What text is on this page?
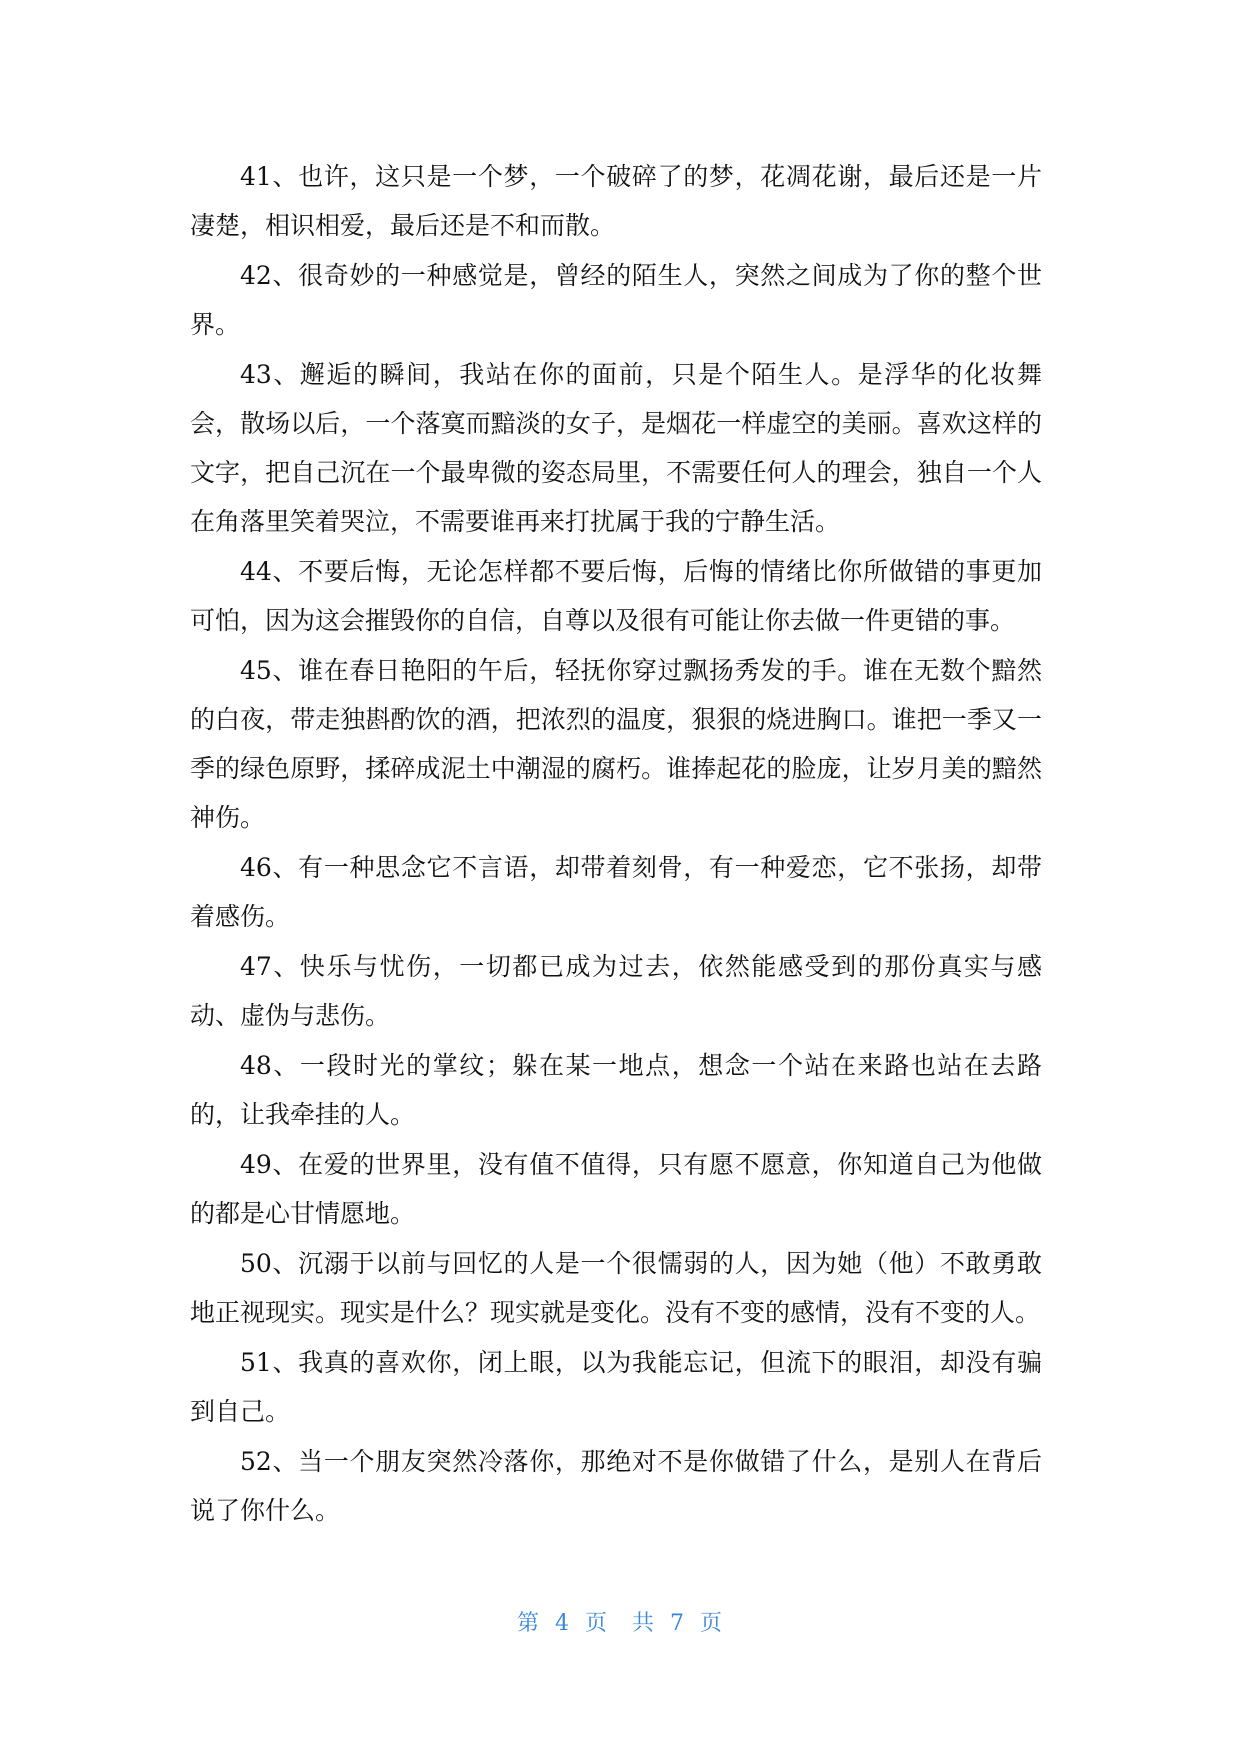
41、也许，这只是一个梦，一个破碎了的梦，花凋花谢，最后还是一片凄楚，相识相爱，最后还是不和而散。

42、很奇妙的一种感觉是，曾经的陌生人，突然之间成为了你的整个世界。

43、邂逅的瞬间，我站在你的面前，只是个陌生人。是浮华的化妆舞会，散场以后，一个落寞而黯淡的女子，是烟花一样虚空的美丽。喜欢这样的文字，把自己沉在一个最卑微的姿态局里，不需要任何人的理会，独自一个人在角落里笑着哭泣，不需要谁再来打扰属于我的宁静生活。

44、不要后悔，无论怎样都不要后悔，后悔的情绪比你所做错的事更加可怕，因为这会摧毁你的自信，自尊以及很有可能让你去做一件更错的事。

45、谁在春日艳阳的午后，轻抚你穿过飘扬秀发的手。谁在无数个黯然的白夜，带走独斟酌饮的酒，把浓烈的温度，狠狠的烧进胸口。谁把一季又一季的绿色原野，揉碎成泥土中潮湿的腐朽。谁捧起花的脸庞，让岁月美的黯然神伤。

46、有一种思念它不言语，却带着刻骨，有一种爱恋，它不张扬，却带着感伤。

47、快乐与忧伤，一切都已成为过去，依然能感受到的那份真实与感动、虚伪与悲伤。

48、一段时光的掌纹；躲在某一地点，想念一个站在来路也站在去路的，让我牵挂的人。

49、在爱的世界里，没有值不值得，只有愿不愿意，你知道自己为他做的都是心甘情愿地。

50、沉溺于以前与回忆的人是一个很懦弱的人，因为她（他）不敢勇敢地正视现实。现实是什么？现实就是变化。没有不变的感情，没有不变的人。

51、我真的喜欢你，闭上眼，以为我能忘记，但流下的眼泪，却没有骗到自己。

52、当一个朋友突然冷落你，那绝对不是你做错了什么，是别人在背后说了你什么。

第 4 页 共 7 页
